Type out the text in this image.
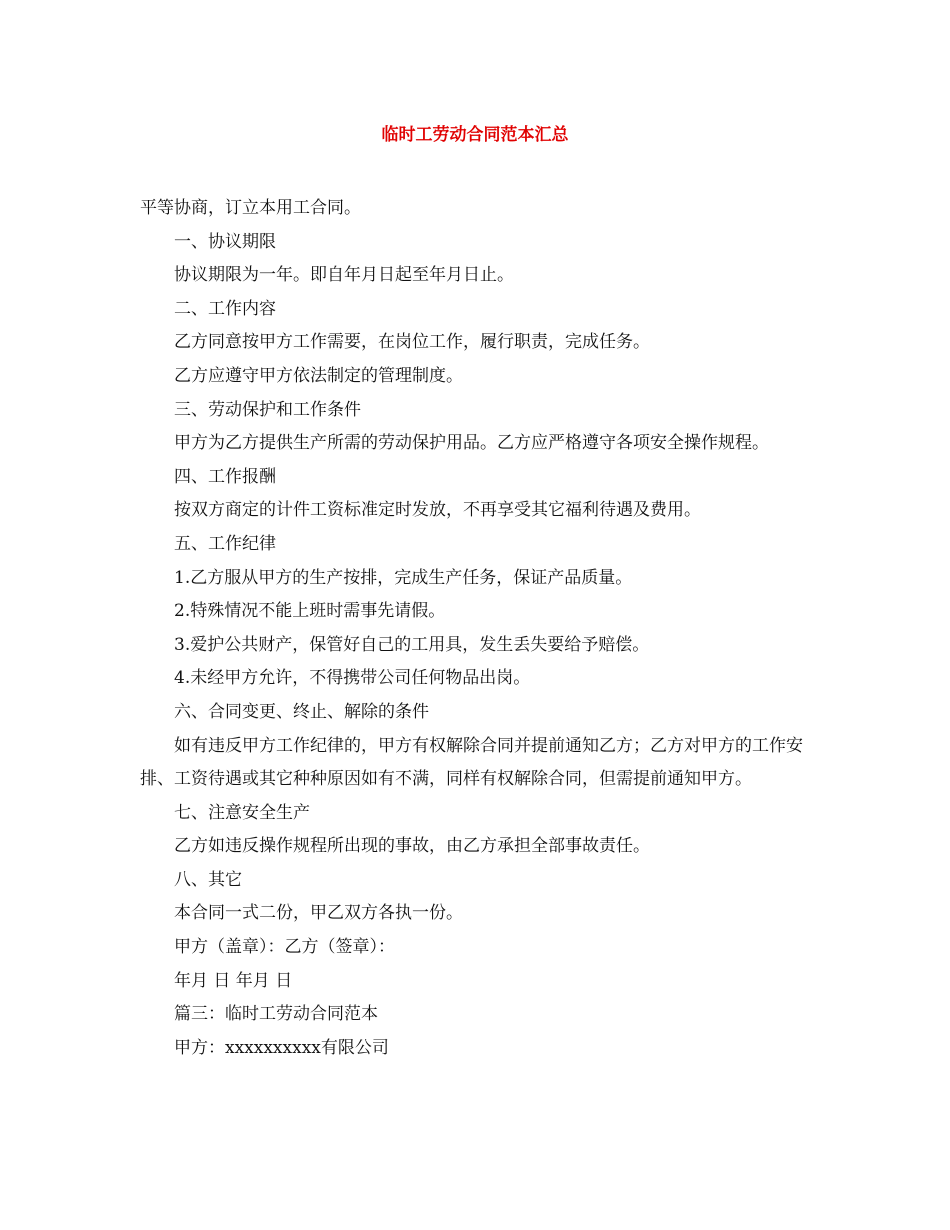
临时工劳动合同范本汇总

平等协商，订立本用工合同。

一、协议期限

协议期限为一年。即自年月日起至年月日止。

二、工作内容

乙方同意按甲方工作需要，在岗位工作，履行职责，完成任务。

乙方应遵守甲方依法制定的管理制度。

三、劳动保护和工作条件

甲方为乙方提供生产所需的劳动保护用品。乙方应严格遵守各项安全操作规程。

四、工作报酬

按双方商定的计件工资标准定时发放，不再享受其它福利待遇及费用。

五、工作纪律

1.乙方服从甲方的生产按排，完成生产任务，保证产品质量。

2.特殊情况不能上班时需事先请假。

3.爱护公共财产，保管好自己的工用具，发生丢失要给予赔偿。

4.未经甲方允许，不得携带公司任何物品出岗。

六、合同变更、终止、解除的条件

如有违反甲方工作纪律的，甲方有权解除合同并提前通知乙方；乙方对甲方的工作安排、工资待遇或其它种种原因如有不满，同样有权解除合同，但需提前通知甲方。

七、注意安全生产

乙方如违反操作规程所出现的事故，由乙方承担全部事故责任。

八、其它

本合同一式二份，甲乙双方各执一份。

甲方（盖章）：乙方（签章）：

年月 日 年月 日

篇三：临时工劳动合同范本

甲方：xxxxxxxxxx有限公司
